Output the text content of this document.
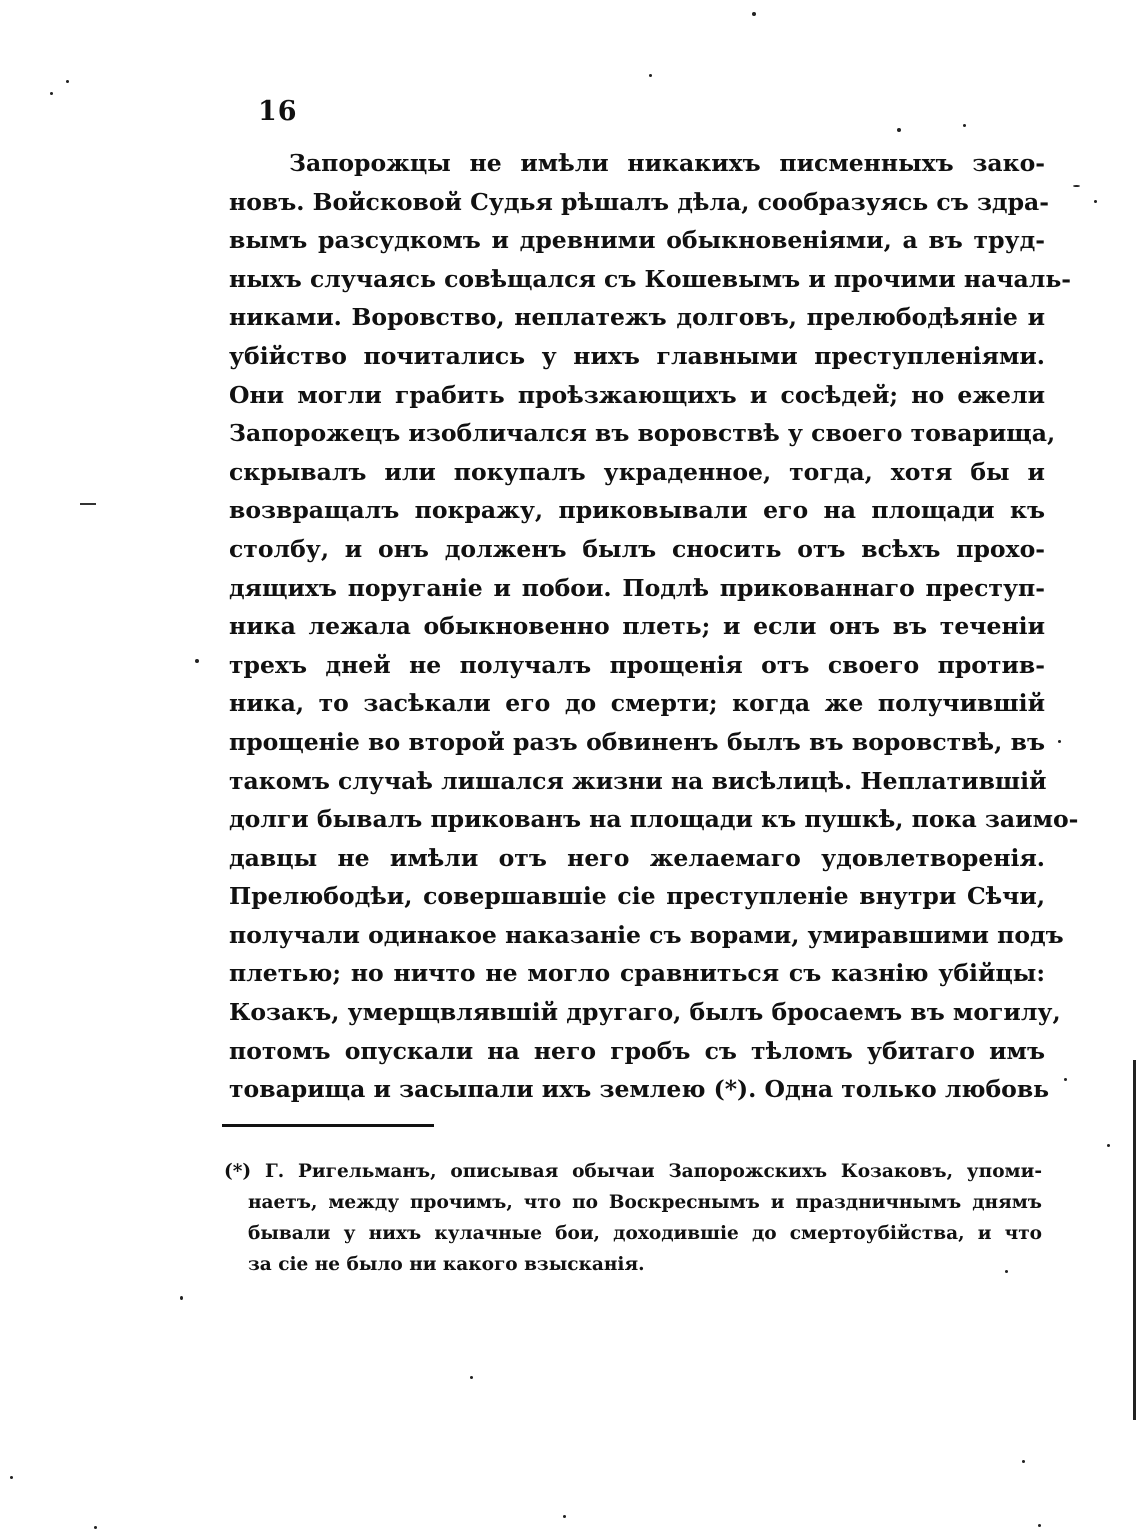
16
Запорожцы не имѣли никакихъ писменныхъ зако-
новъ. Войсковой Судья рѣшалъ дѣла, сообразуясь съ здра-
вымъ разсудкомъ и древними обыкновеніями, а въ труд-
ныхъ случаясь совѣщался съ Кошевымъ и прочими началь-
никами. Воровство, неплатежъ долговъ, прелюбодѣяніе и
убійство почитались у нихъ главными преступленіями.
Они могли грабить проѣзжающихъ и сосѣдей; но ежели
Запорожецъ изобличался въ воровствѣ у своего товарища,
скрывалъ или покупалъ украденное, тогда, хотя бы и
возвращалъ покражу, приковывали его на площади къ
столбу, и онъ долженъ былъ сносить отъ всѣхъ прохо-
дящихъ поруганіе и побои. Подлѣ прикованнаго преступ-
ника лежала обыкновенно плеть; и если онъ въ теченіи
трехъ дней не получалъ прощенія отъ своего против-
ника, то засѣкали его до смерти; когда же получившій
прощеніе во второй разъ обвиненъ былъ въ воровствѣ, въ
такомъ случаѣ лишался жизни на висѣлицѣ. Неплатившій
долги бывалъ прикованъ на площади къ пушкѣ, пока заимо-
давцы не имѣли отъ него желаемаго удовлетворенія.
Прелюбодѣи, совершавшіе сіе преступленіе внутри Сѣчи,
получали одинакое наказаніе съ ворами, умиравшими подъ
плетью; но ничто не могло сравниться съ казнію убійцы:
Козакъ, умерщвлявшій другаго, былъ бросаемъ въ могилу,
потомъ опускали на него гробъ съ тѣломъ убитаго имъ
товарища и засыпали ихъ землею (*). Одна только любовь
(*) Г. Ригельманъ, описывая обычаи Запорожскихъ Козаковъ, упоми-
наетъ, между прочимъ, что по Воскреснымъ и праздничнымъ днямъ
бывали у нихъ кулачные бои, доходившіе до смертоубійства, и что
за сіе не было ни какого взысканія.
